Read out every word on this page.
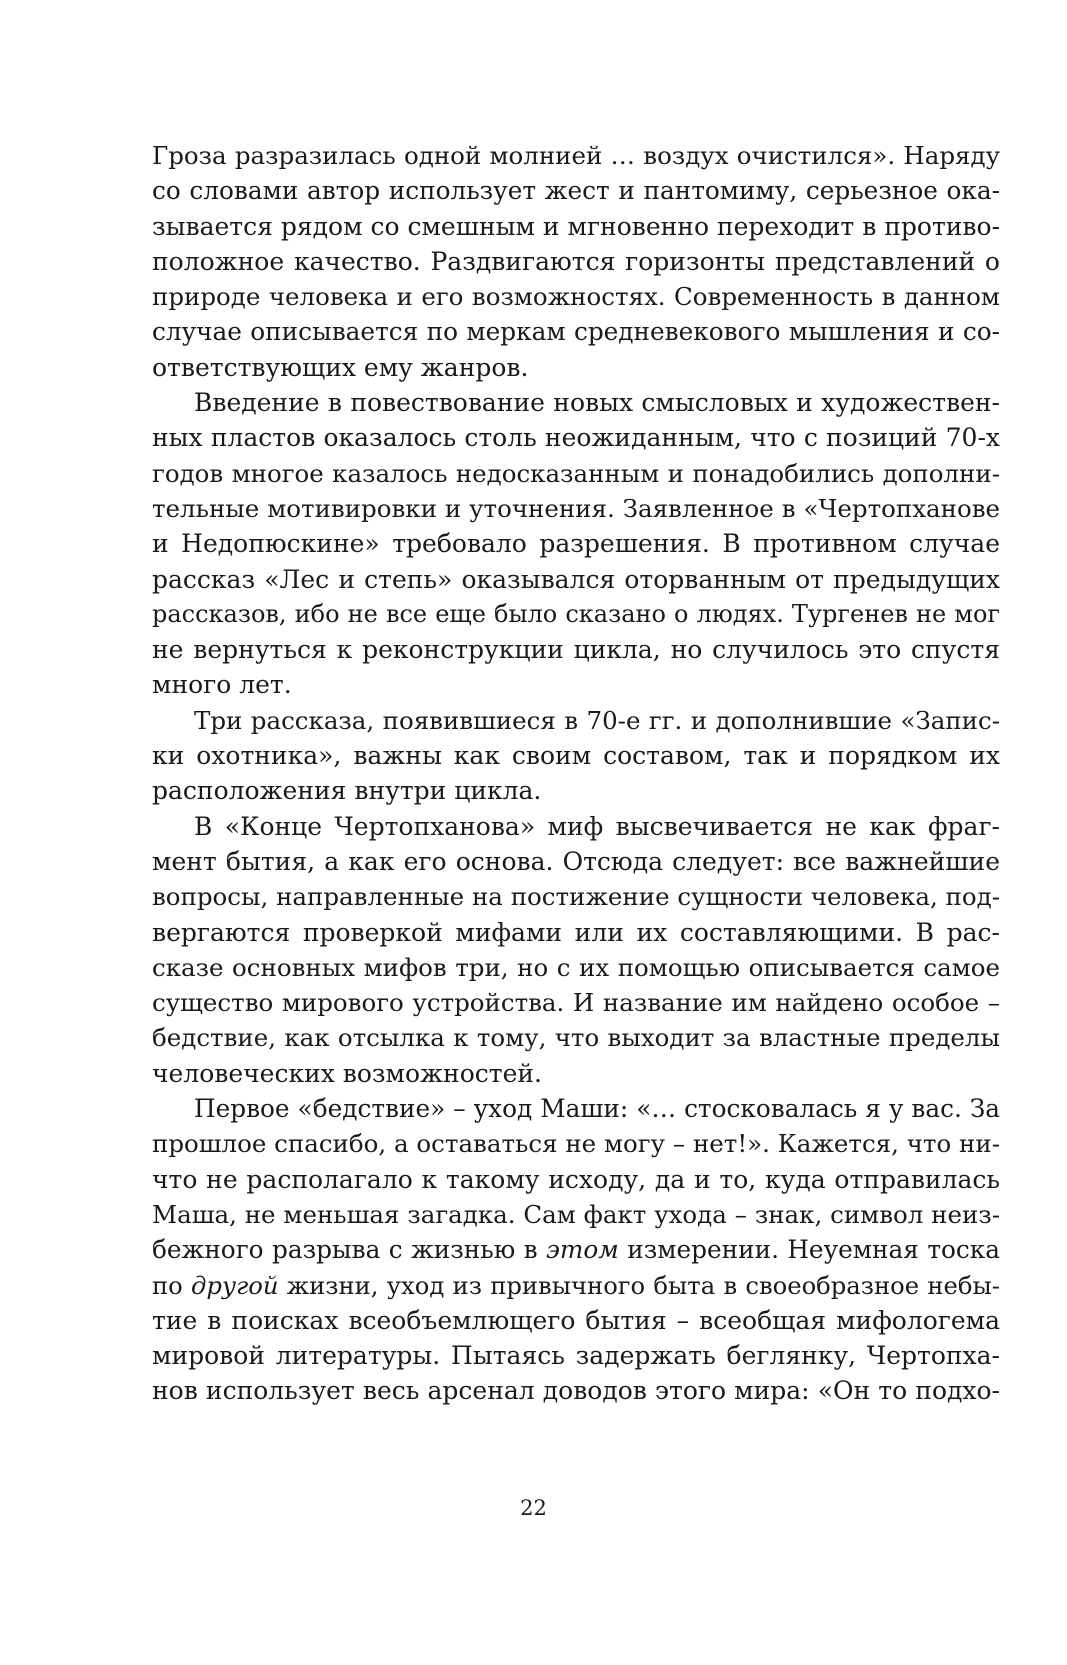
Гроза разразилась одной молнией … воздух очистился». Наряду
со словами автор использует жест и пантомиму, серьезное ока-
зывается рядом со смешным и мгновенно переходит в противо-
положное качество. Раздвигаются горизонты представлений о
природе человека и его возможностях. Современность в данном
случае описывается по меркам средневекового мышления и со-
ответствующих ему жанров.
Введение в повествование новых смысловых и художествен-
ных пластов оказалось столь неожиданным, что с позиций 70-х
годов многое казалось недосказанным и понадобились дополни-
тельные мотивировки и уточнения. Заявленное в «Чертопханове
и Недопюскине» требовало разрешения. В противном случае
рассказ «Лес и степь» оказывался оторванным от предыдущих
рассказов, ибо не все еще было сказано о людях. Тургенев не мог
не вернуться к реконструкции цикла, но случилось это спустя
много лет.
Три рассказа, появившиеся в 70-е гг. и дополнившие «Запис-
ки охотника», важны как своим составом, так и порядком их
расположения внутри цикла.
В «Конце Чертопханова» миф высвечивается не как фраг-
мент бытия, а как его основа. Отсюда следует: все важнейшие
вопросы, направленные на постижение сущности человека, под-
вергаются проверкой мифами или их составляющими. В рас-
сказе основных мифов три, но с их помощью описывается самое
существо мирового устройства. И название им найдено особое –
бедствие, как отсылка к тому, что выходит за властные пределы
человеческих возможностей.
Первое «бедствие» – уход Маши: «… стосковалась я у вас. За
прошлое спасибо, а оставаться не могу – нет!». Кажется, что ни-
что не располагало к такому исходу, да и то, куда отправилась
Маша, не меньшая загадка. Сам факт ухода – знак, символ неиз-
бежного разрыва с жизнью в этом измерении. Неуемная тоска
по другой жизни, уход из привычного быта в своеобразное небы-
тие в поисках всеобъемлющего бытия – всеобщая мифологема
мировой литературы. Пытаясь задержать беглянку, Чертопха-
нов использует весь арсенал доводов этого мира: «Он то подхо-
22
